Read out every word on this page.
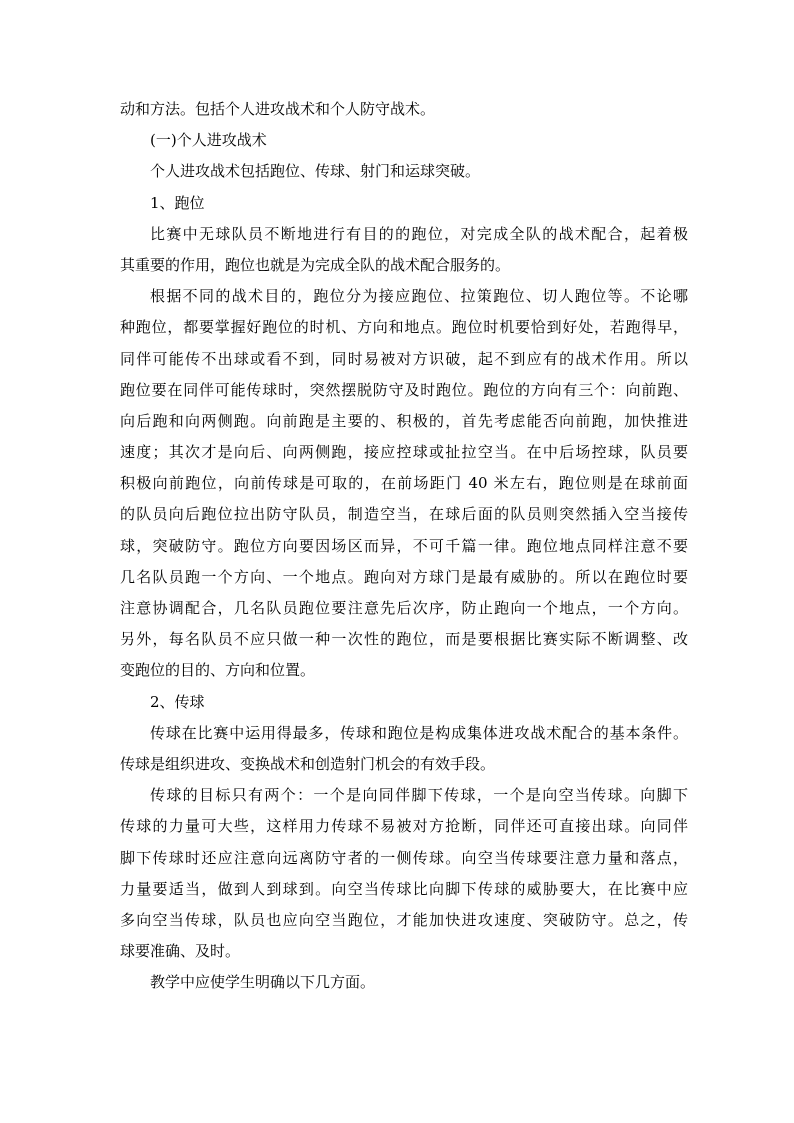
动和方法。包括个人进攻战术和个人防守战术。
(一)个人进攻战术
个人进攻战术包括跑位、传球、射门和运球突破。
1、跑位
比赛中无球队员不断地进行有目的的跑位，对完成全队的战术配合，起着极
其重要的作用，跑位也就是为完成全队的战术配合服务的。
根据不同的战术目的，跑位分为接应跑位、拉策跑位、切人跑位等。不论哪
种跑位，都要掌握好跑位的时机、方向和地点。跑位时机要恰到好处，若跑得早，
同伴可能传不出球或看不到，同时易被对方识破，起不到应有的战术作用。所以
跑位要在同伴可能传球时，突然摆脱防守及时跑位。跑位的方向有三个：向前跑、
向后跑和向两侧跑。向前跑是主要的、积极的，首先考虑能否向前跑，加快推进
速度；其次才是向后、向两侧跑，接应控球或扯拉空当。在中后场控球，队员要
积极向前跑位，向前传球是可取的，在前场距门 40 米左右，跑位则是在球前面
的队员向后跑位拉出防守队员，制造空当，在球后面的队员则突然插入空当接传
球，突破防守。跑位方向要因场区而异，不可千篇一律。跑位地点同样注意不要
几名队员跑一个方向、一个地点。跑向对方球门是最有威胁的。所以在跑位时要
注意协调配合，几名队员跑位要注意先后次序，防止跑向一个地点，一个方向。
另外，每名队员不应只做一种一次性的跑位，而是要根据比赛实际不断调整、改
变跑位的目的、方向和位置。
2、传球
传球在比赛中运用得最多，传球和跑位是构成集体进攻战术配合的基本条件。
传球是组织进攻、变换战术和创造射门机会的有效手段。
传球的目标只有两个：一个是向同伴脚下传球，一个是向空当传球。向脚下
传球的力量可大些，这样用力传球不易被对方抢断，同伴还可直接出球。向同伴
脚下传球时还应注意向远离防守者的一侧传球。向空当传球要注意力量和落点，
力量要适当，做到人到球到。向空当传球比向脚下传球的威胁要大，在比赛中应
多向空当传球，队员也应向空当跑位，才能加快进攻速度、突破防守。总之，传
球要准确、及时。
教学中应使学生明确以下几方面。
